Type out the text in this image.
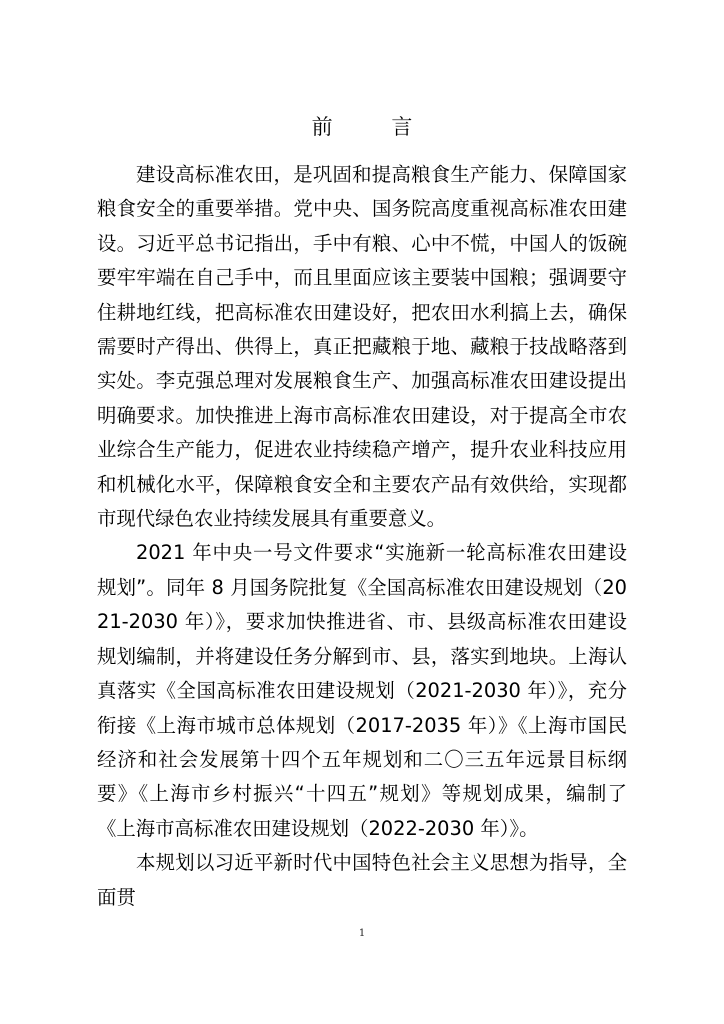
前 言

建设高标准农田，是巩固和提高粮食生产能力、保障国家粮食安全的重要举措。党中央、国务院高度重视高标准农田建设。习近平总书记指出，手中有粮、心中不慌，中国人的饭碗要牢牢端在自己手中，而且里面应该主要装中国粮；强调要守住耕地红线，把高标准农田建设好，把农田水利搞上去，确保需要时产得出、供得上，真正把藏粮于地、藏粮于技战略落到实处。李克强总理对发展粮食生产、加强高标准农田建设提出明确要求。加快推进上海市高标准农田建设，对于提高全市农业综合生产能力，促进农业持续稳产增产，提升农业科技应用和机械化水平，保障粮食安全和主要农产品有效供给，实现都市现代绿色农业持续发展具有重要意义。

2021 年中央一号文件要求“实施新一轮高标准农田建设规划”。同年 8 月国务院批复《全国高标准农田建设规划（2021-2030 年）》，要求加快推进省、市、县级高标准农田建设规划编制，并将建设任务分解到市、县，落实到地块。上海认真落实《全国高标准农田建设规划（2021-2030 年）》，充分衔接《上海市城市总体规划（2017-2035 年）》《上海市国民经济和社会发展第十四个五年规划和二〇三五年远景目标纲要》《上海市乡村振兴“十四五”规划》等规划成果，编制了《上海市高标准农田建设规划（2022-2030 年）》。

本规划以习近平新时代中国特色社会主义思想为指导，全面贯

1
